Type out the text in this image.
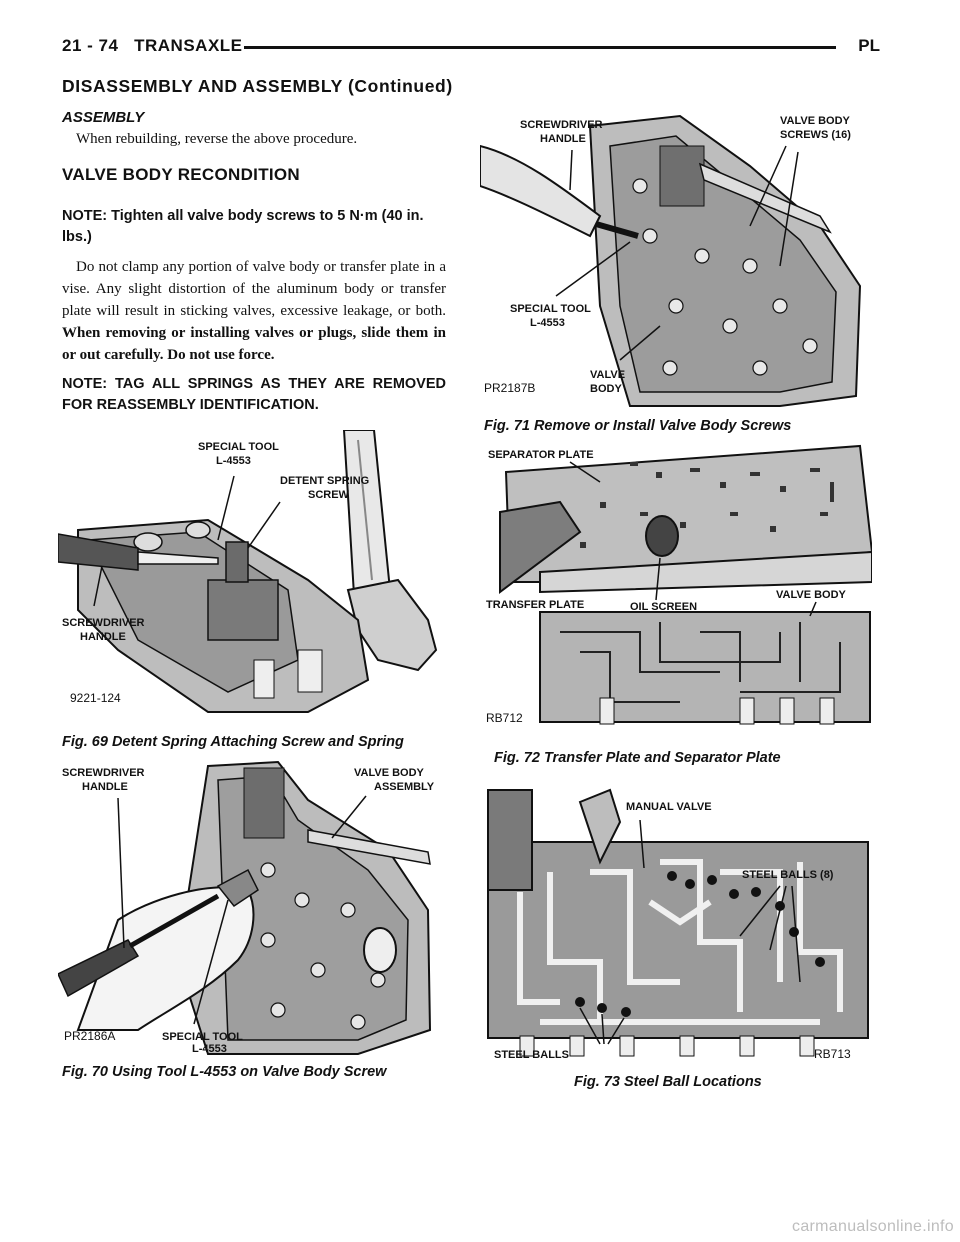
21 - 74 TRANSAXLE	PL
DISASSEMBLY AND ASSEMBLY (Continued)
ASSEMBLY
When rebuilding, reverse the above procedure.
VALVE BODY RECONDITION
NOTE: Tighten all valve body screws to 5 N·m (40 in. lbs.)
Do not clamp any portion of valve body or transfer plate in a vise. Any slight distortion of the aluminum body or transfer plate will result in sticking valves, excessive leakage, or both. When removing or installing valves or plugs, slide them in or out carefully. Do not use force.
NOTE: TAG ALL SPRINGS AS THEY ARE REMOVED FOR REASSEMBLY IDENTIFICATION.
SPECIAL TOOL
L-4553
DETENT SPRING
SCREW
SCREWDRIVER
HANDLE
9221-124
Fig. 69 Detent Spring Attaching Screw and Spring
SCREWDRIVER
HANDLE
VALVE BODY
ASSEMBLY
SPECIAL TOOL
L-4553
PR2186A
Fig. 70 Using Tool L-4553 on Valve Body Screw
SCREWDRIVER
HANDLE
VALVE BODY
SCREWS (16)
SPECIAL TOOL
L-4553
VALVE
BODY
PR2187B
Fig. 71 Remove or Install Valve Body Screws
SEPARATOR PLATE
TRANSFER PLATE	OIL SCREEN
VALVE BODY
RB712
Fig. 72 Transfer Plate and Separator Plate
MANUAL VALVE
STEEL BALLS (8)
STEEL BALLS	RB713
Fig. 73 Steel Ball Locations
carmanualsonline.info
